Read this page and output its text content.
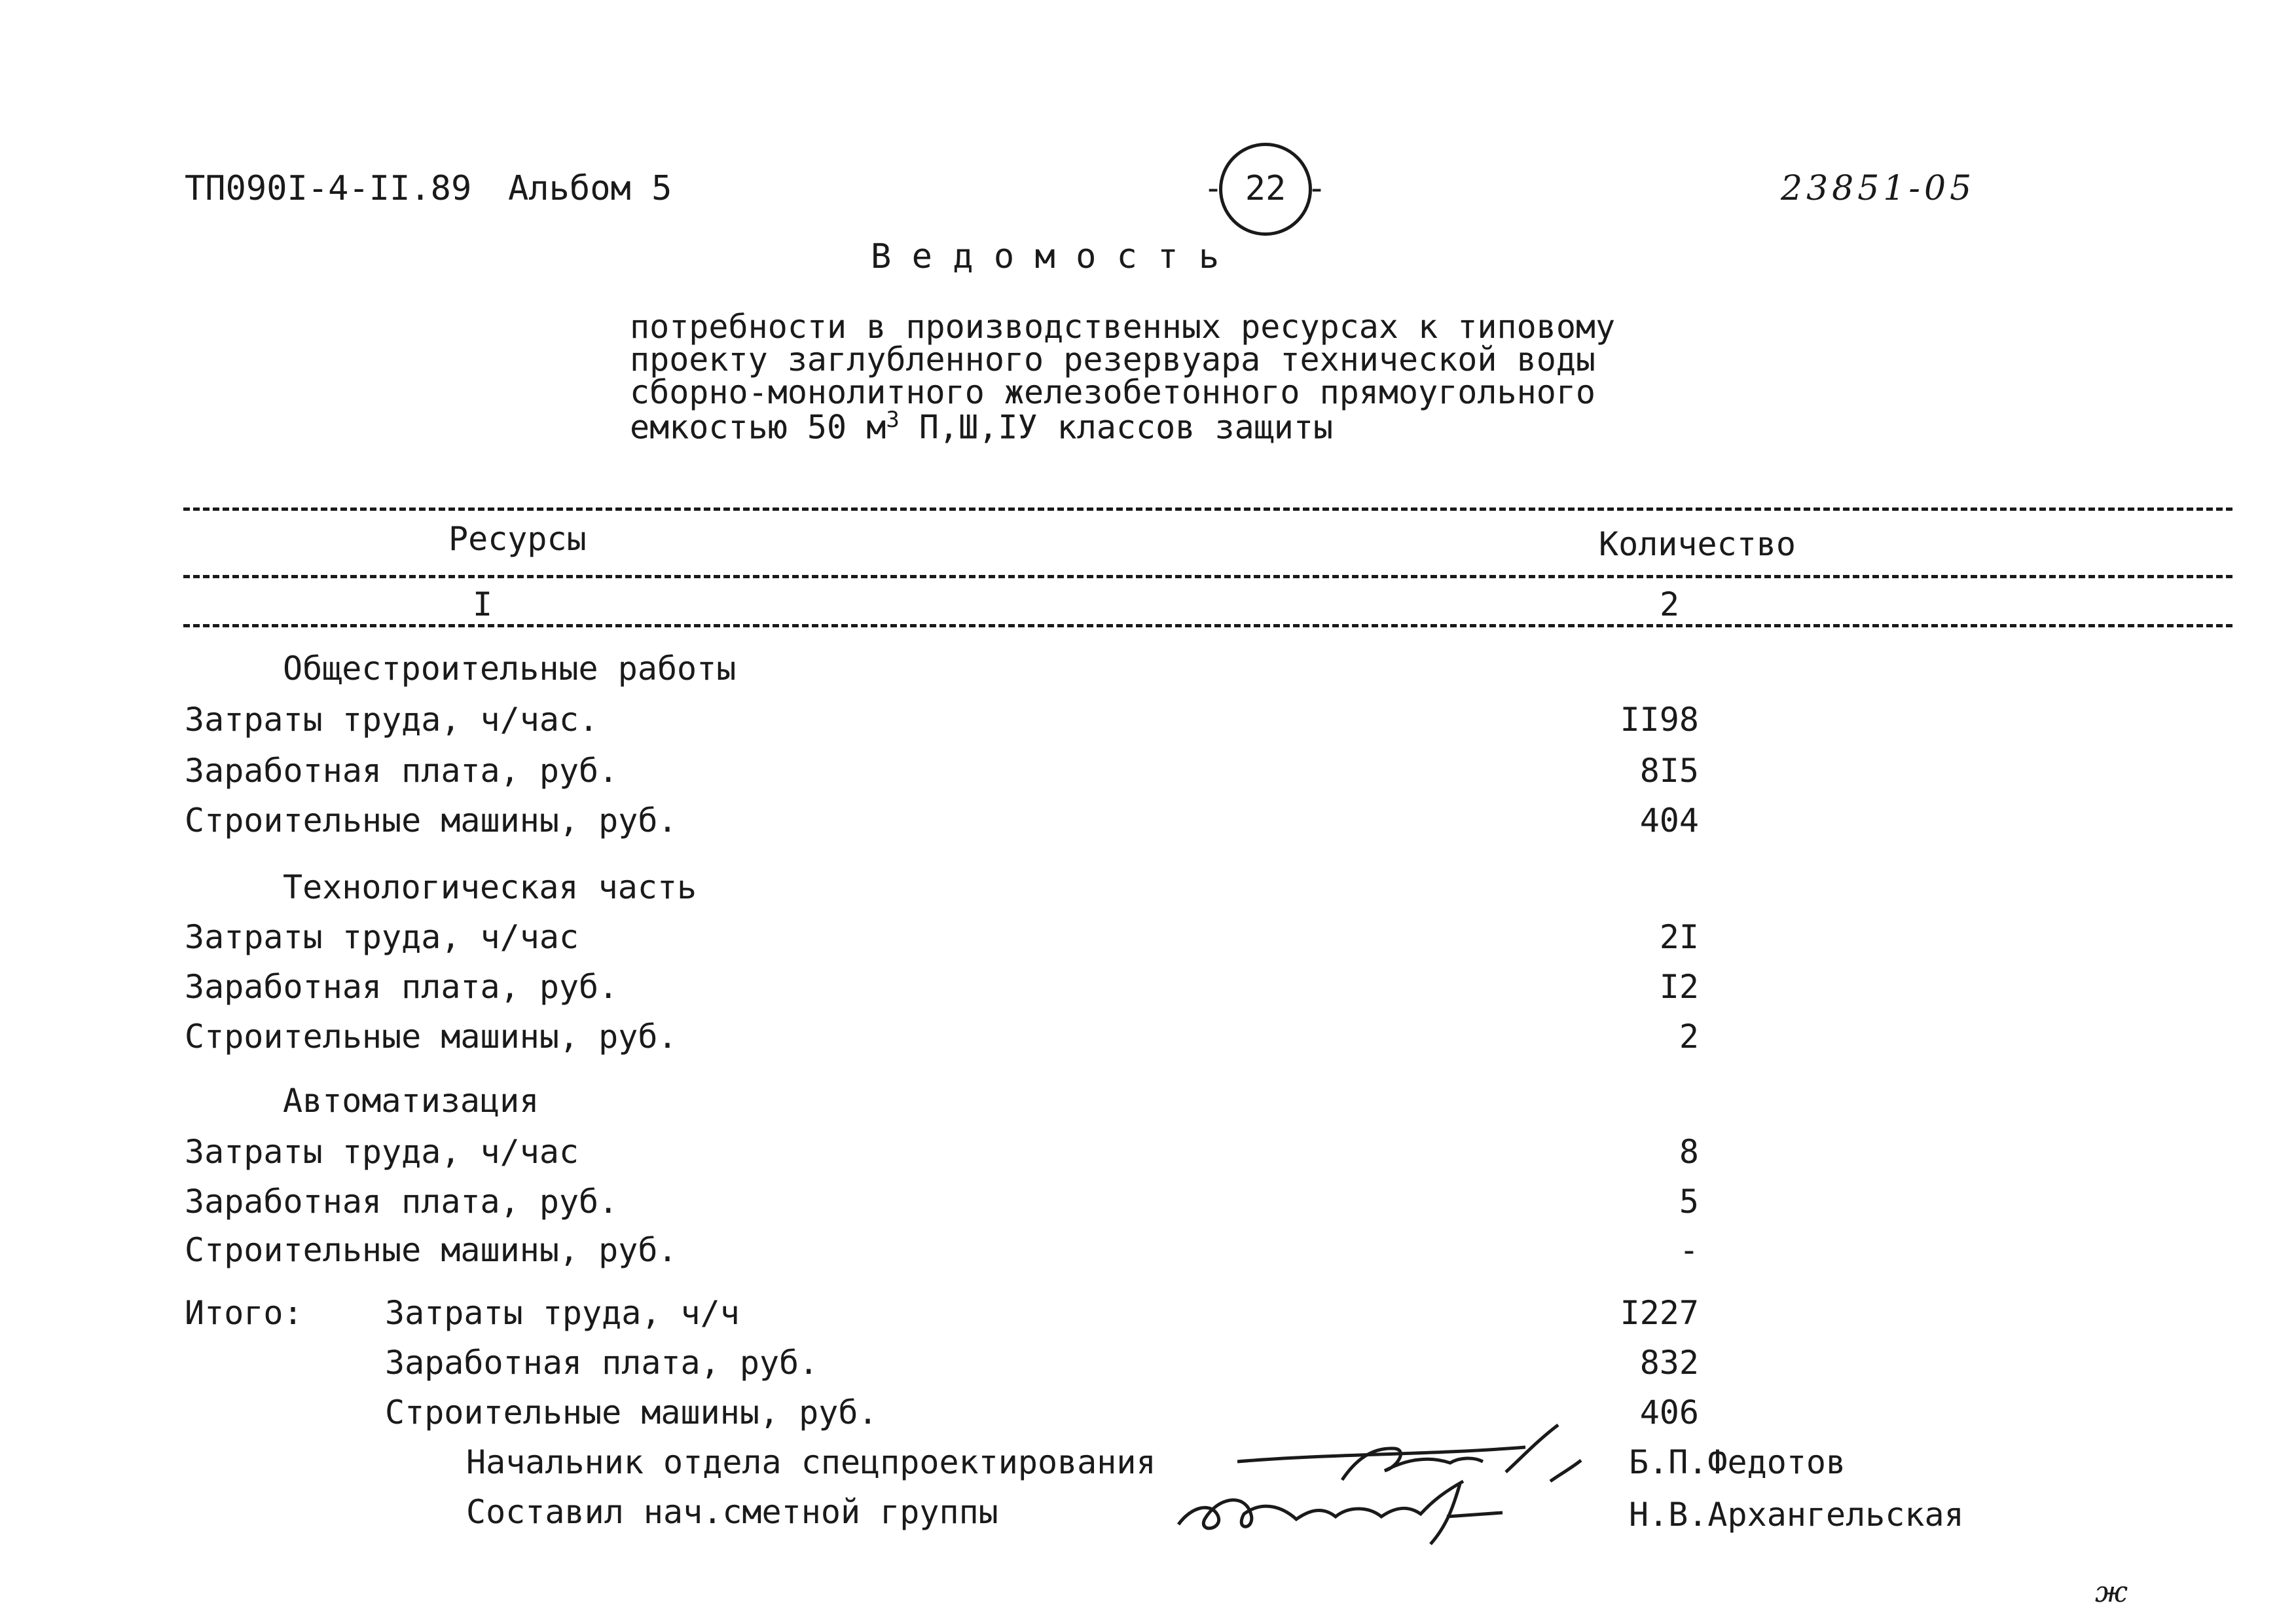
ТП090I-4-II.89 Альбом 5	22
-	-	23851-05
В е д о м о с т ь
потребности в производственных ресурсах к типовому
проекту заглубленного резервуара технической воды
сборно-монолитного железобетонного прямоугольного
емкостью 50 $м^3$ П,Ш,IУ классов защиты
Ресурсы	Количество
I	2
Общестроительные работы
Затраты труда, ч/час.	II98
Заработная плата, руб.	8I5
Строительные машины, руб.	404
Технологическая часть
Затраты труда, ч/час	2I
Заработная плата, руб.	I2
Строительные машины, руб.	2
Автоматизация
Затраты труда, ч/час	8
Заработная плата, руб.	5
Строительные машины, руб.	-
Итого:	Затраты труда, ч/ч	I227
Заработная плата, руб.	832
Строительные машины, руб.	406
Начальник отдела спецпроектирования	Б.П.Федотов
Составил нач.сметной группы	Н.В.Архангельская
ж
